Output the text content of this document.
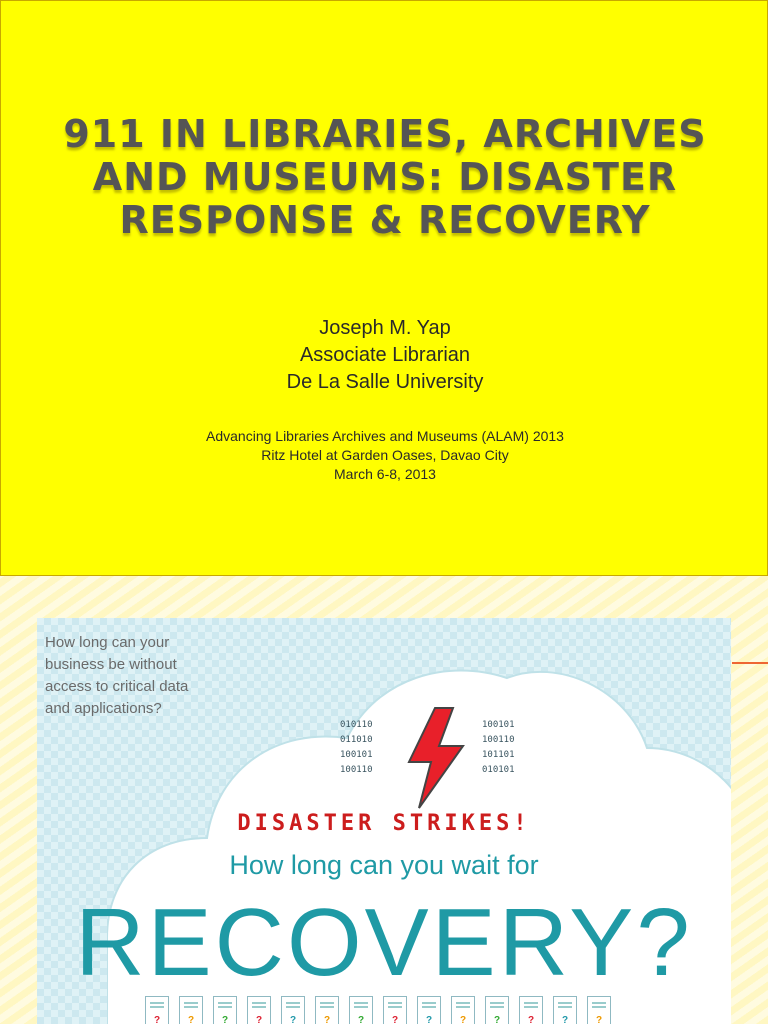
911 IN LIBRARIES, ARCHIVES
AND MUSEUMS: DISASTER
RESPONSE & RECOVERY
Joseph M. Yap
Associate Librarian
De La Salle University
Advancing Libraries Archives and Museums (ALAM) 2013
Ritz Hotel at Garden Oases, Davao City
March 6-8, 2013
How long can your
business be without
access to critical data
and applications?
010110
011010
100101
100110
100101
100110
101101
010101
DISASTER STRIKES!
How long can you wait for
RECOVERY?
?	?	?	?	?	?	?	?	?	?	?	?	?	?
